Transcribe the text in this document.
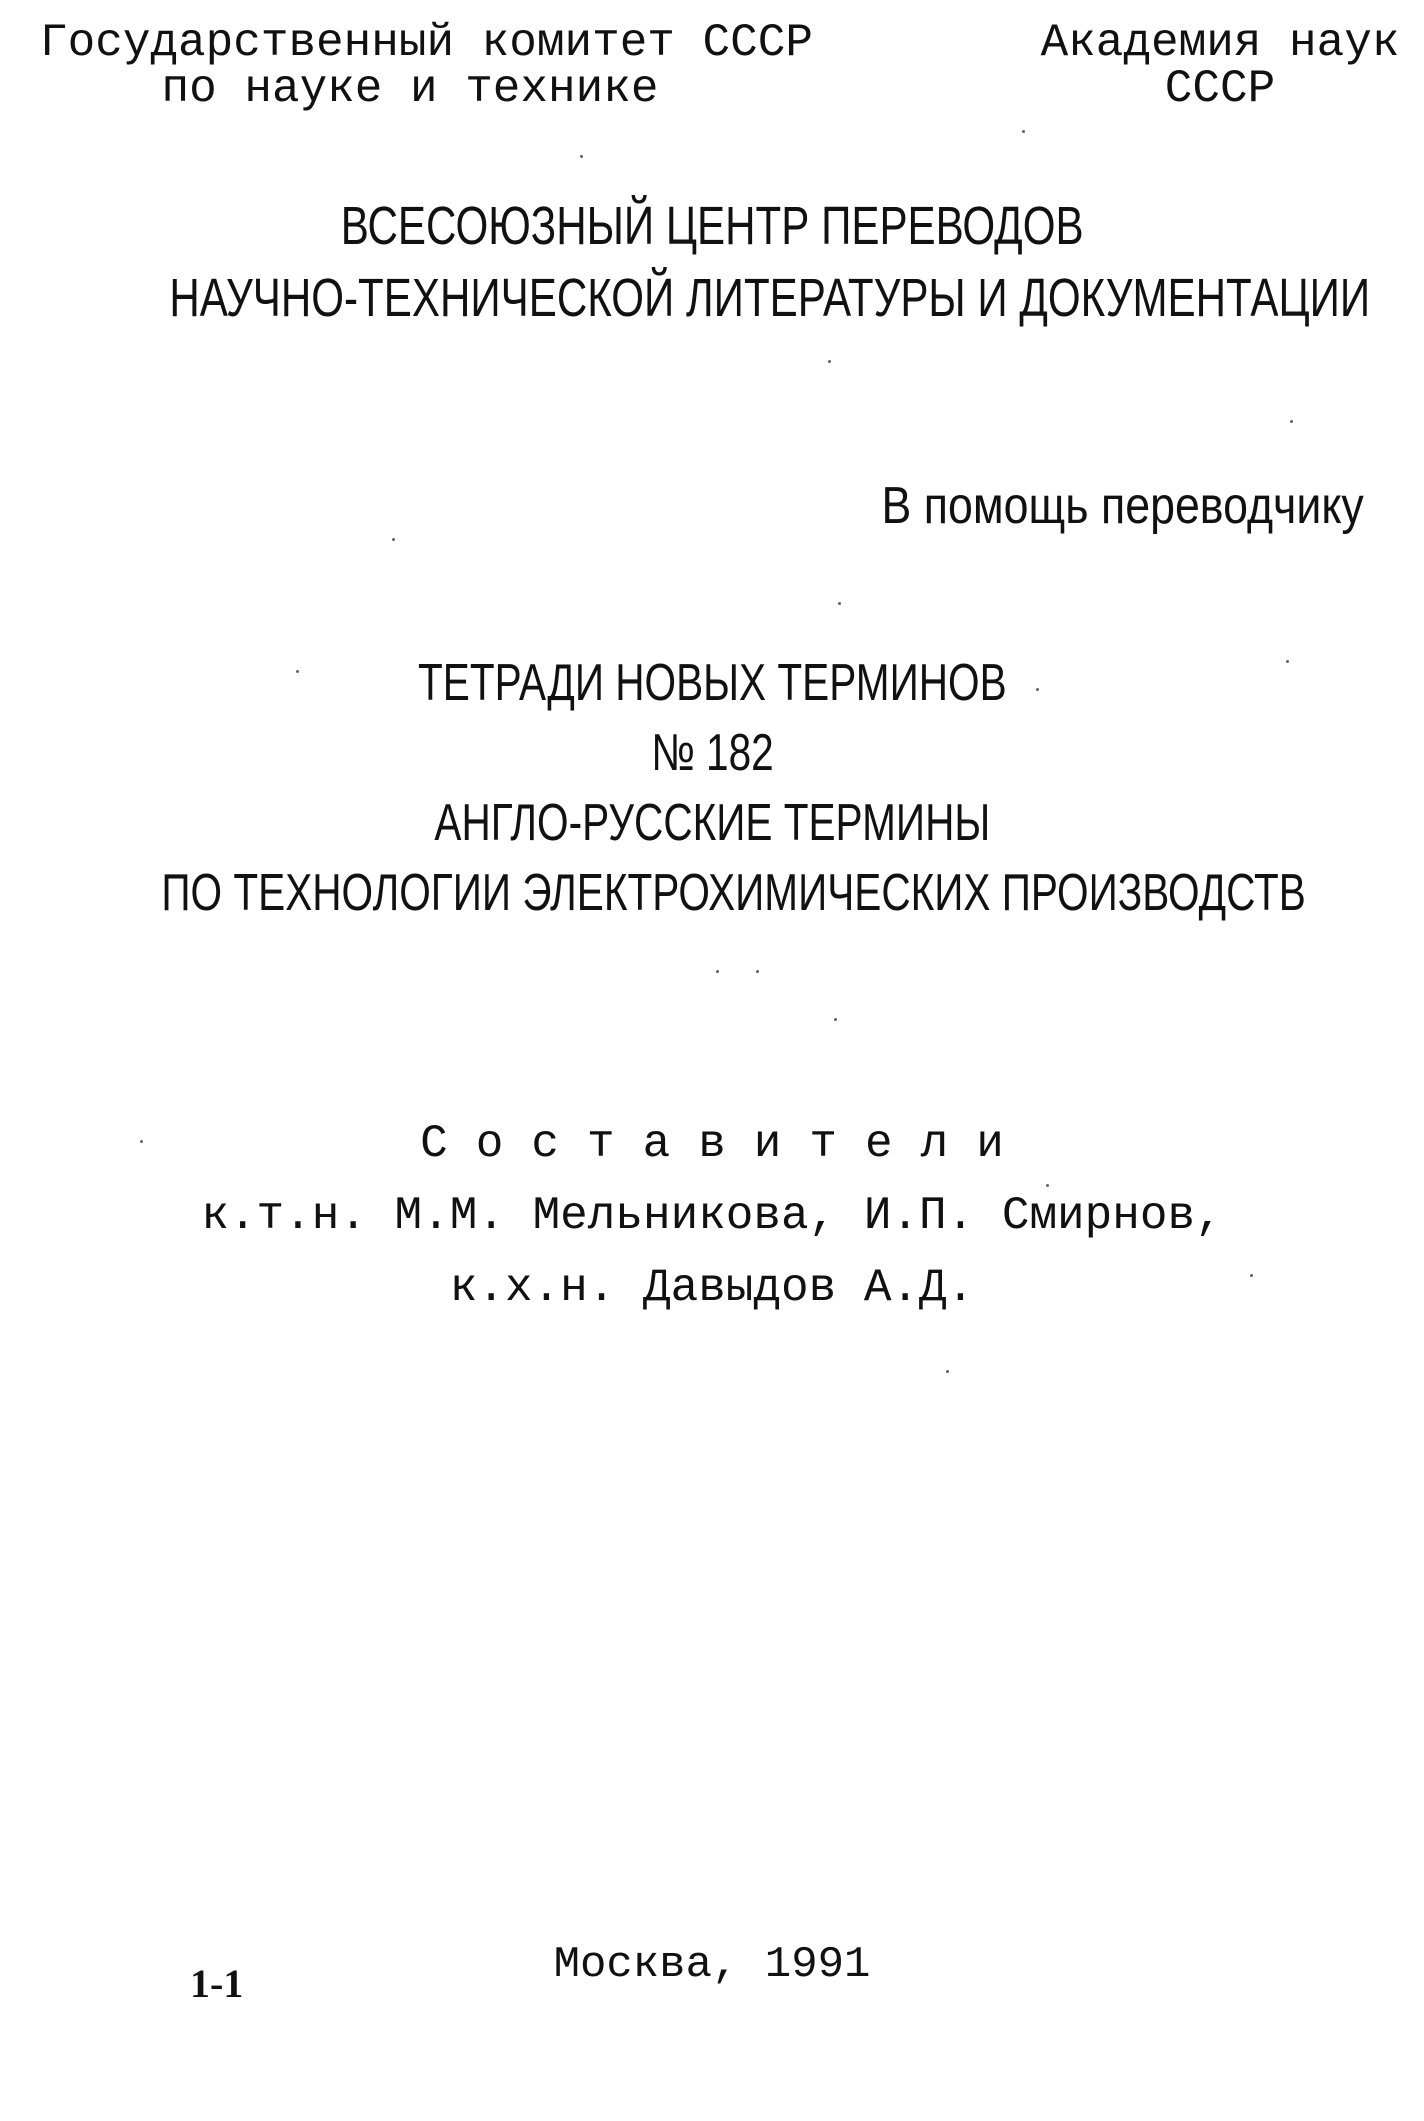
Государственный комитет СССР
по науке и технике
Академия наук
СССР
ВСЕСОЮЗНЫЙ ЦЕНТР ПЕРЕВОДОВ
НАУЧНО-ТЕХНИЧЕСКОЙ ЛИТЕРАТУРЫ И ДОКУМЕНТАЦИИ
В помощь переводчику
ТЕТРАДИ НОВЫХ ТЕРМИНОВ
№ 182
АНГЛО-РУССКИЕ ТЕРМИНЫ
ПО ТЕХНОЛОГИИ ЭЛЕКТРОХИМИЧЕСКИХ ПРОИЗВОДСТВ
Составители
к.т.н. М.М. Мельникова, И.П. Смирнов,
к.х.н. Давыдов А.Д.
Москва, 1991
1-1
